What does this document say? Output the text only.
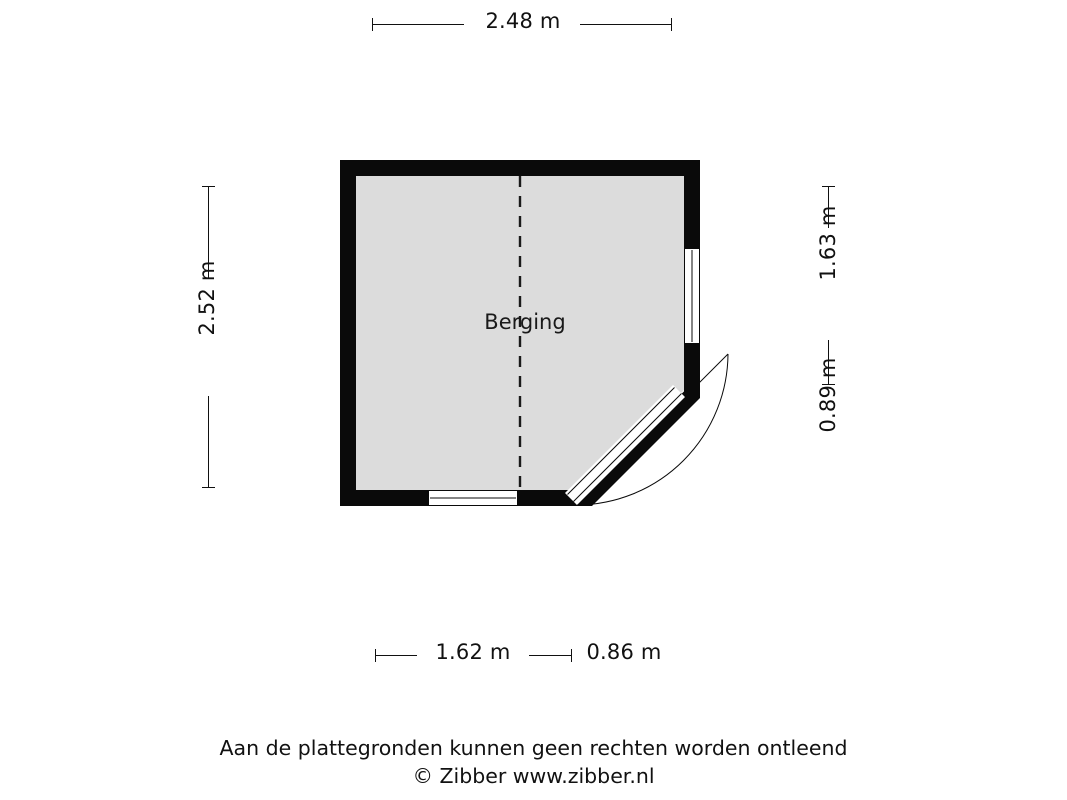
2.48 m
2.52 m
1.63 m
0.89 m
1.62 m	0.86 m
Berging
Aan de plattegronden kunnen geen rechten worden ontleend
© Zibber www.zibber.nl
